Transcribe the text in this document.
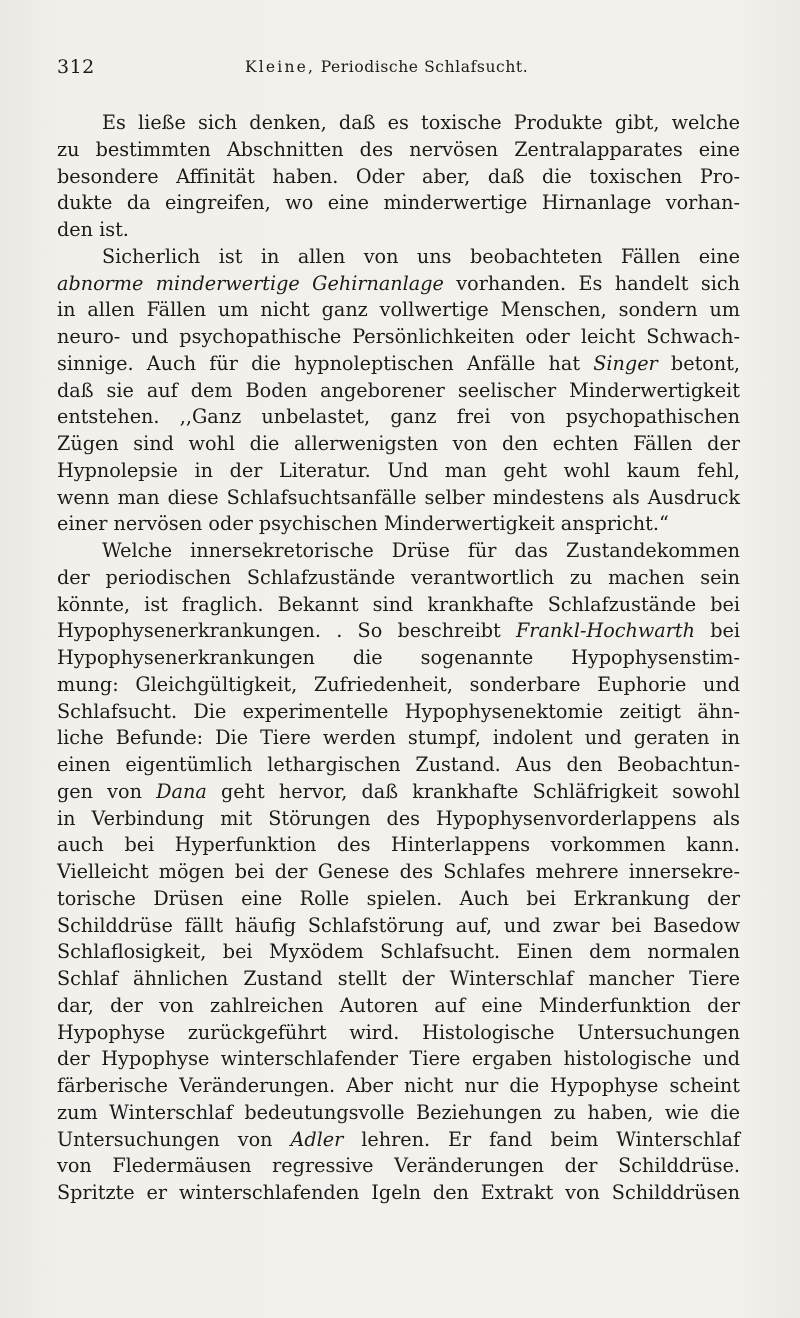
312	Kleine, Periodische Schlafsucht.
Es ließe sich denken, daß es toxische Produkte gibt, welche
zu bestimmten Abschnitten des nervösen Zentralapparates eine
besondere Affinität haben. Oder aber, daß die toxischen Pro-
dukte da eingreifen, wo eine minderwertige Hirnanlage vorhan-
den ist.
Sicherlich ist in allen von uns beobachteten Fällen eine
abnorme minderwertige Gehirnanlage vorhanden. Es handelt sich
in allen Fällen um nicht ganz vollwertige Menschen, sondern um
neuro- und psychopathische Persönlichkeiten oder leicht Schwach-
sinnige. Auch für die hypnoleptischen Anfälle hat Singer betont,
daß sie auf dem Boden angeborener seelischer Minderwertigkeit
entstehen. ,,Ganz unbelastet, ganz frei von psychopathischen
Zügen sind wohl die allerwenigsten von den echten Fällen der
Hypnolepsie in der Literatur. Und man geht wohl kaum fehl,
wenn man diese Schlafsuchtsanfälle selber mindestens als Ausdruck
einer nervösen oder psychischen Minderwertigkeit anspricht.“
Welche innersekretorische Drüse für das Zustandekommen
der periodischen Schlafzustände verantwortlich zu machen sein
könnte, ist fraglich. Bekannt sind krankhafte Schlafzustände bei
Hypophysenerkrankungen. . So beschreibt Frankl-Hochwarth bei
Hypophysenerkrankungen die sogenannte Hypophysenstim-
mung: Gleichgültigkeit, Zufriedenheit, sonderbare Euphorie und
Schlafsucht. Die experimentelle Hypophysenektomie zeitigt ähn-
liche Befunde: Die Tiere werden stumpf, indolent und geraten in
einen eigentümlich lethargischen Zustand. Aus den Beobachtun-
gen von Dana geht hervor, daß krankhafte Schläfrigkeit sowohl
in Verbindung mit Störungen des Hypophysenvorderlappens als
auch bei Hyperfunktion des Hinterlappens vorkommen kann.
Vielleicht mögen bei der Genese des Schlafes mehrere innersekre-
torische Drüsen eine Rolle spielen. Auch bei Erkrankung der
Schilddrüse fällt häufig Schlafstörung auf, und zwar bei Basedow
Schlaflosigkeit, bei Myxödem Schlafsucht. Einen dem normalen
Schlaf ähnlichen Zustand stellt der Winterschlaf mancher Tiere
dar, der von zahlreichen Autoren auf eine Minderfunktion der
Hypophyse zurückgeführt wird. Histologische Untersuchungen
der Hypophyse winterschlafender Tiere ergaben histologische und
färberische Veränderungen. Aber nicht nur die Hypophyse scheint
zum Winterschlaf bedeutungsvolle Beziehungen zu haben, wie die
Untersuchungen von Adler lehren. Er fand beim Winterschlaf
von Fledermäusen regressive Veränderungen der Schilddrüse.
Spritzte er winterschlafenden Igeln den Extrakt von Schilddrüsen
